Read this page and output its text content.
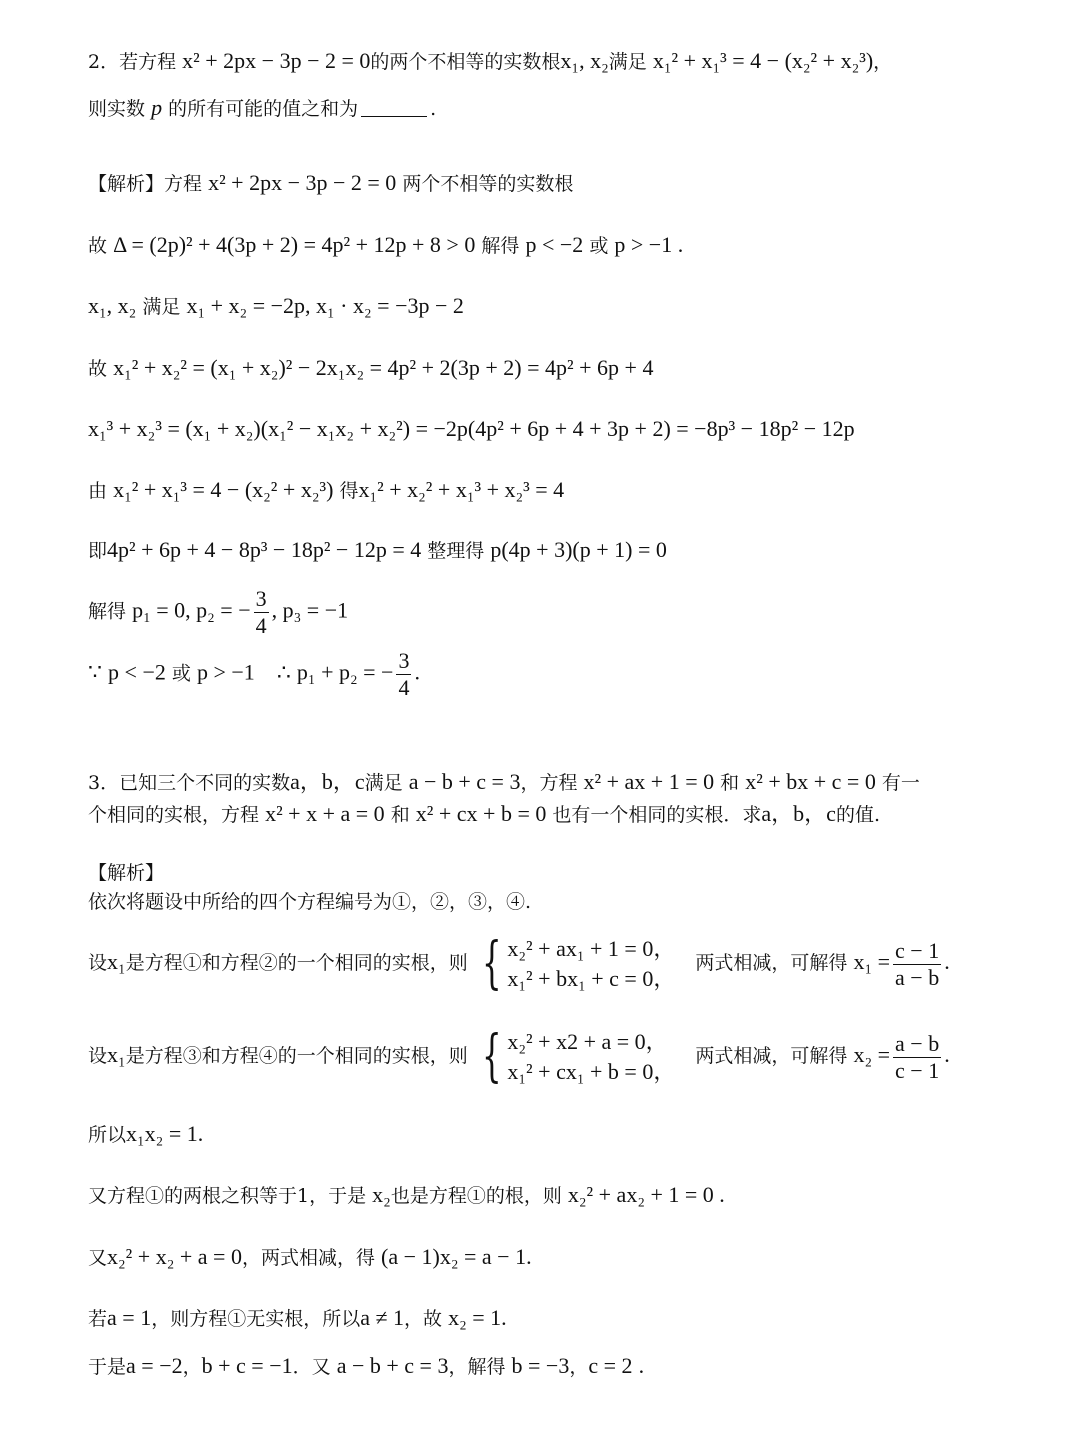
2．若方程 x² + 2px − 3p − 2 = 0的两个不相等的实数根x₁, x₂满足 x₁² + x₁³ = 4 − (x₂² + x₂³)，
则实数 p 的所有可能的值之和为	.
【解析】方程 x² + 2px − 3p − 2 = 0 两个不相等的实数根
故 Δ = (2p)² + 4(3p + 2) = 4p² + 12p + 8 > 0 解得 p < −2 或 p > −1 .
x₁, x₂ 满足 x₁ + x₂ = −2p, x₁ · x₂ = −3p − 2
故 x₁² + x₂² = (x₁ + x₂)² − 2x₁x₂ = 4p² + 2(3p + 2) = 4p² + 6p + 4
x₁³ + x₂³ = (x₁ + x₂)(x₁² − x₁x₂ + x₂²) = −2p(4p² + 6p + 4 + 3p + 2) = −8p³ − 18p² − 12p
由 x₁² + x₁³ = 4 − (x₂² + x₂³) 得x₁² + x₂² + x₁³ + x₂³ = 4
即4p² + 6p + 4 − 8p³ − 18p² − 12p = 4 整理得 p(4p + 3)(p + 1) = 0
解得 p₁ = 0, p₂ = − $\frac{3}{4}$ , p₃ = −1
∵ p < −2 或 p > −1 ∴ p₁ + p₂ = − $\frac{3}{4}$ .
3．已知三个不同的实数a，b，c满足 a − b + c = 3，方程 x² + ax + 1 = 0 和 x² + bx + c = 0 有一
个相同的实根，方程 x² + x + a = 0 和 x² + cx + b = 0 也有一个相同的实根．求a，b，c的值.
【解析】
依次将题设中所给的四个方程编号为①，②，③，④.
设x₁是方程①和方程②的一个相同的实根，则 { x₂² + ax₁ + 1 = 0，
x₁² + bx₁ + c = 0，
两式相减，可解得 $x_1 = \frac{c - 1}{a - b}$ .
设x₁是方程③和方程④的一个相同的实根，则 { x₂² + x2 + a = 0，
x₁² + cx₁ + b = 0，
两式相减，可解得 $x_2 = \frac{a - b}{c - 1}$ .
所以x₁x₂ = 1.
又方程①的两根之积等于1，于是 x₂也是方程①的根，则 x₂² + ax₂ + 1 = 0 .
又x₂² + x₂ + a = 0，两式相减，得 (a − 1)x₂ = a − 1.
若a = 1，则方程①无实根，所以a ≠ 1，故 x₂ = 1.
于是a = −2，b + c = −1．又 a − b + c = 3，解得 b = −3，c = 2 .
